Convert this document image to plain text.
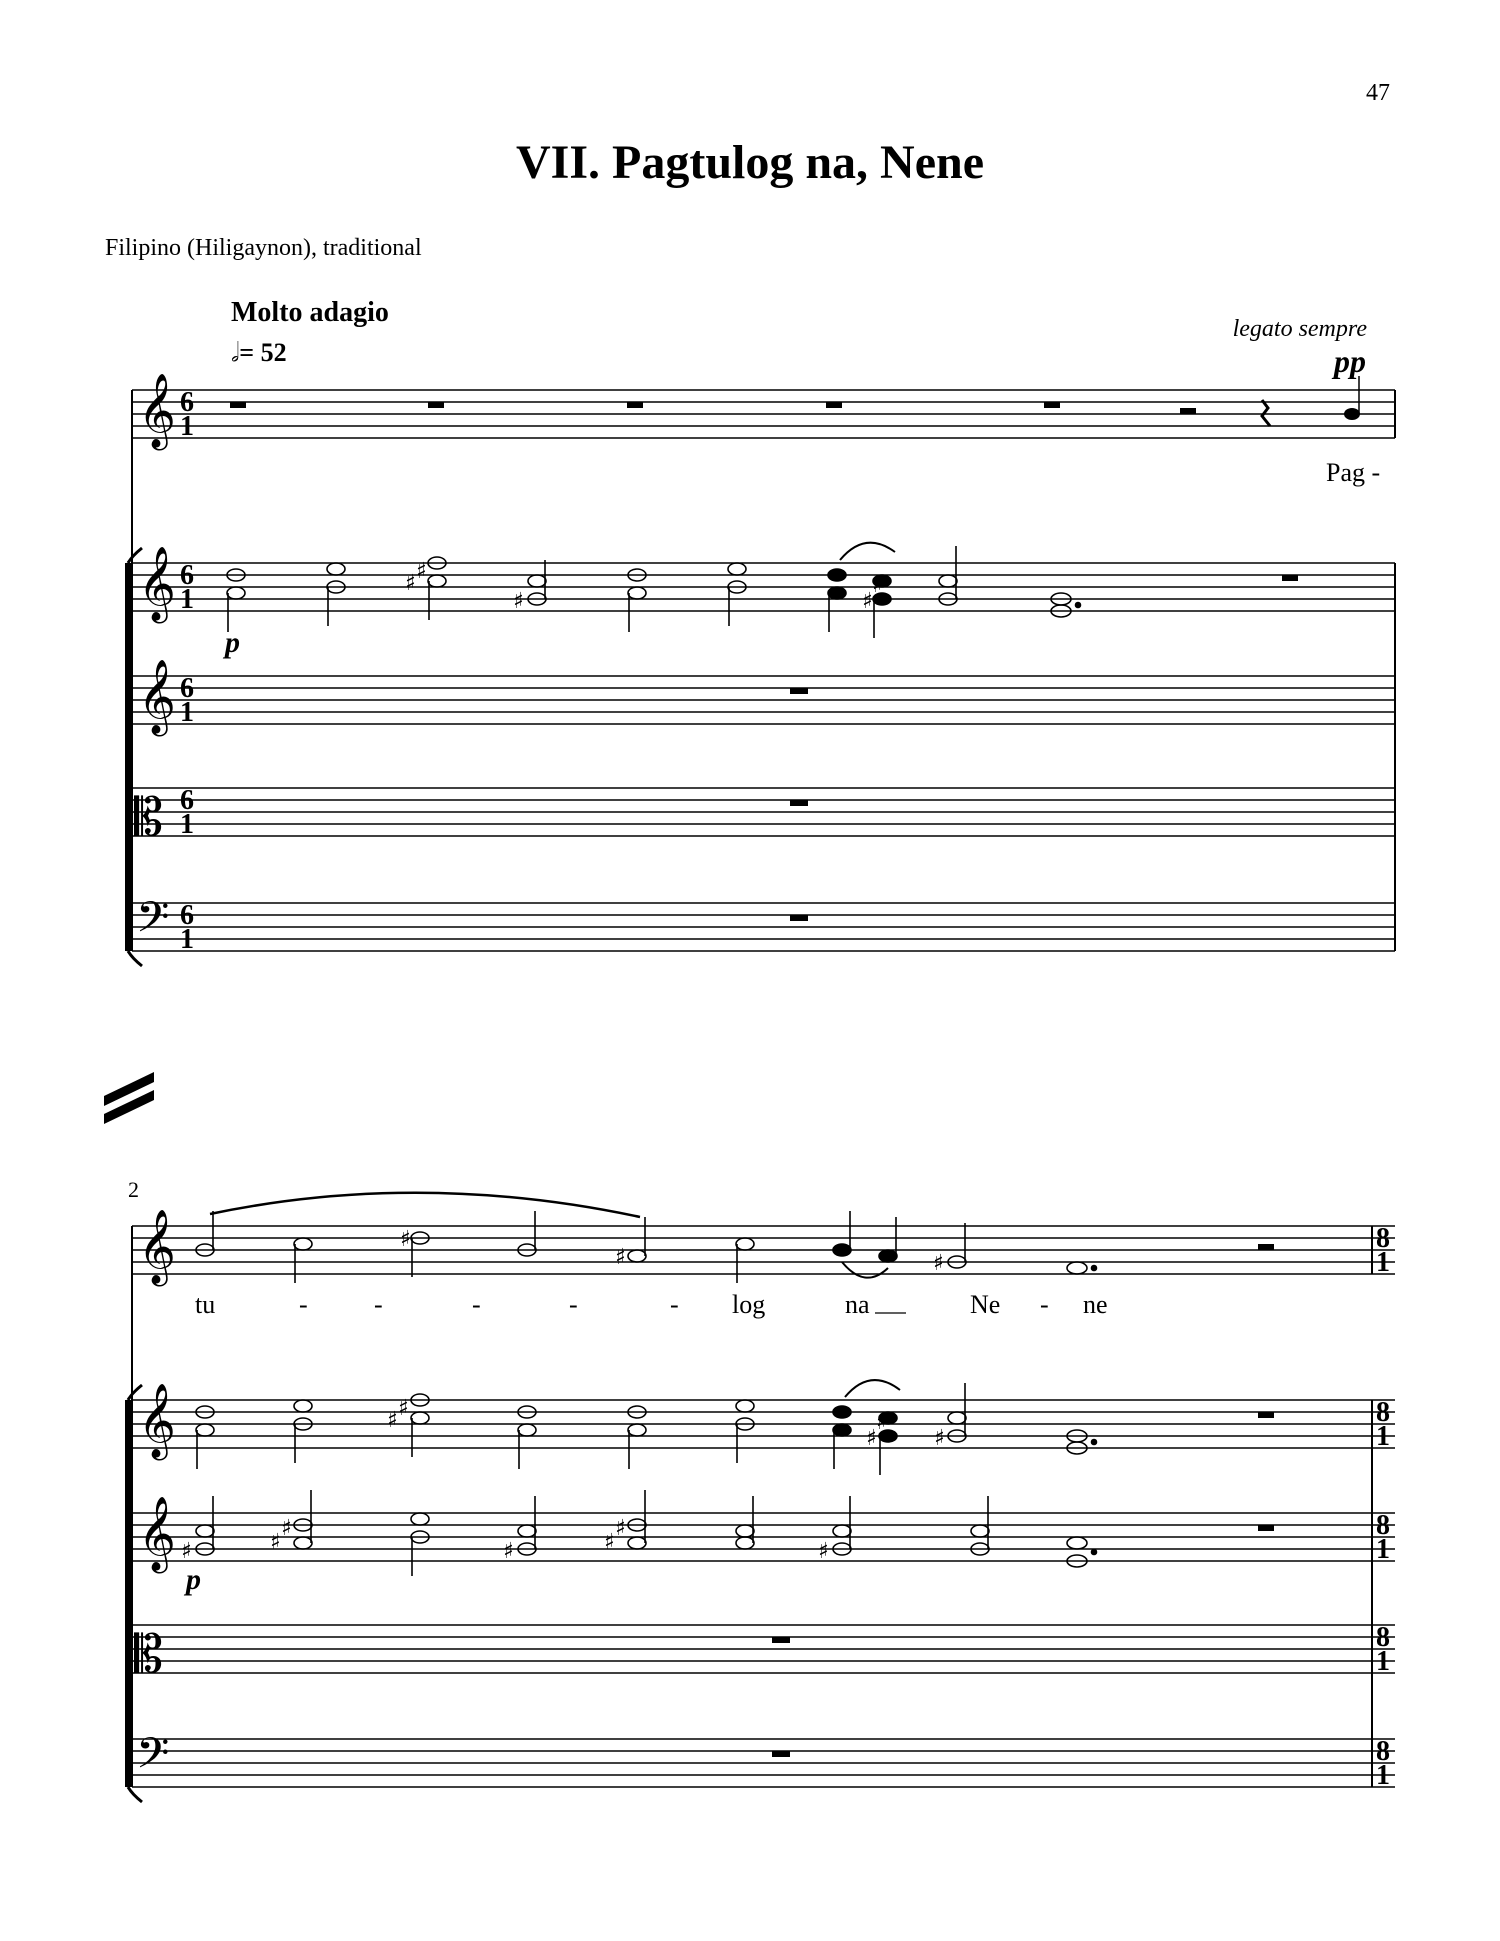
47
VII. Pagtulog na, Nene
Filipino (Hiligaynon), traditional
Molto adagio
𝅗𝅥= 52
legato sempre
pp
Pag -
p
p
2
tu	-	-	-	-	- log	na	Ne - ne
𝄞
𝄞
𝄞
𝄡
𝄢
6
1
6
1
6
1
6
1
6
1
♯ ♯
♯	♯
♯
𝄞
𝄞
𝄞
𝄡
𝄢
8
1
8
1
8
1
8
1
8
1
♯
♯	♯
♯ ♯
♯
♯
♯
♯	♯
♯
♯	♯
♯
♯
